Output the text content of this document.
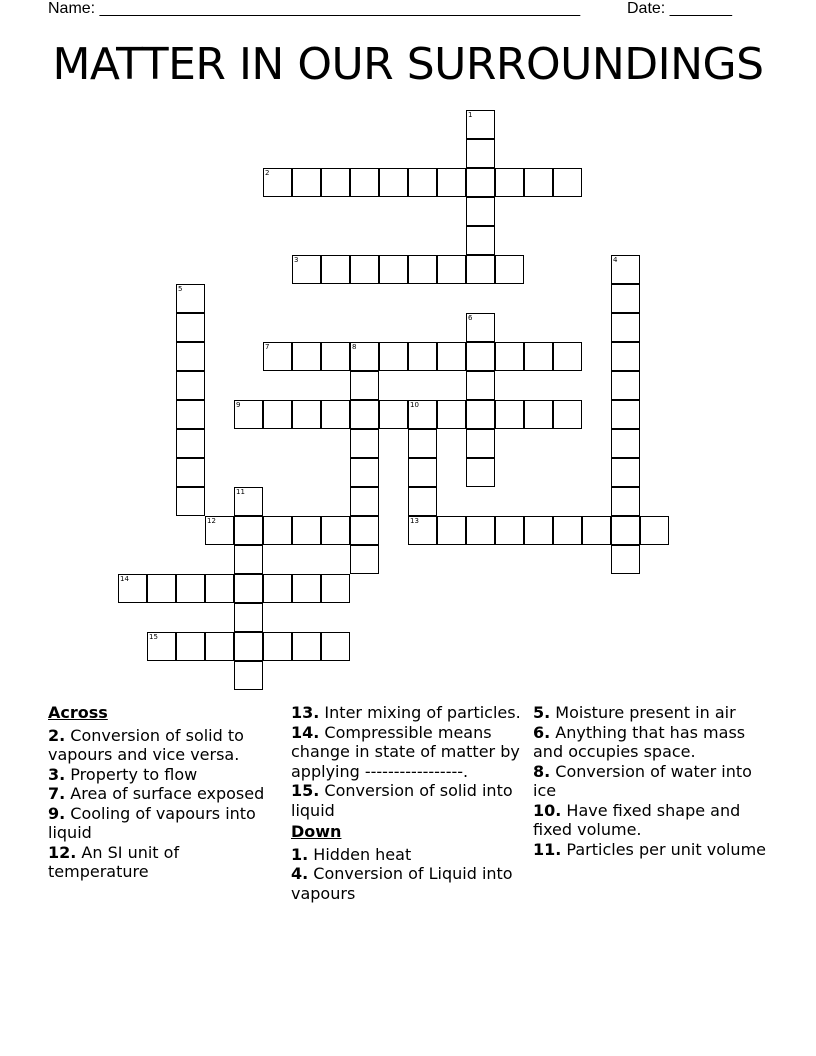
Name: ______________________________________________________	Date: _______
MATTER IN OUR SURROUNDINGS
1
2
3	4
5
6
7	8
9	10
13
11
12
14
15
Across
2. Conversion of solid to vapours and vice versa.
3. Property to flow
7. Area of surface exposed
9. Cooling of vapours into liquid
12. An SI unit of temperature
13. Inter mixing of particles.
14. Compressible means change in state of matter by applying -----------------.
15. Conversion of solid into liquid
Down
1. Hidden heat
4. Conversion of Liquid into vapours
5. Moisture present in air
6. Anything that has mass and occupies space.
8. Conversion of water into ice
10. Have fixed shape and fixed volume.
11. Particles per unit volume
